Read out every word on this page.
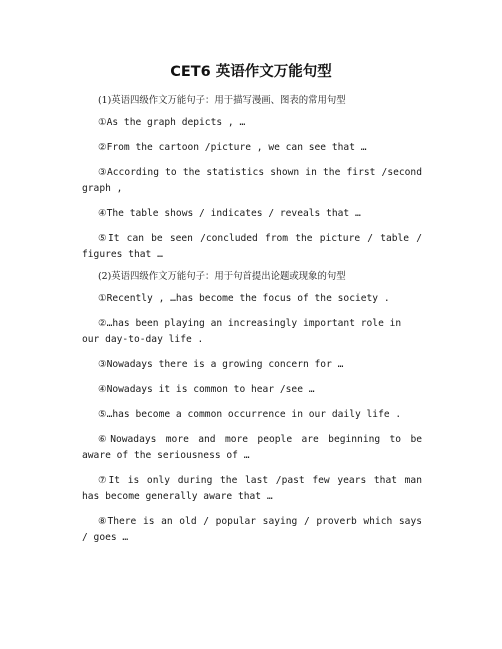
CET6 英语作文万能句型

(1)英语四级作文万能句子：用于描写漫画、图表的常用句型

①As the graph depicts , …

②From the cartoon /picture , we can see that …

③According to the statistics shown in the first /second graph ,

④The table shows / indicates / reveals that …

⑤It can be seen /concluded from the picture / table / figures that …

(2)英语四级作文万能句子：用于句首提出论题或现象的句型

①Recently , …has become the focus of the society .

②…has been playing an increasingly important role in our day-to-day life .

③Nowadays there is a growing concern for …

④Nowadays it is common to hear /see …

⑤…has become a common occurrence in our daily life .

⑥Nowadays more and more people are beginning to be aware of the seriousness of …

⑦It is only during the last /past few years that man has become generally aware that …

⑧There is an old / popular saying / proverb which says / goes …
